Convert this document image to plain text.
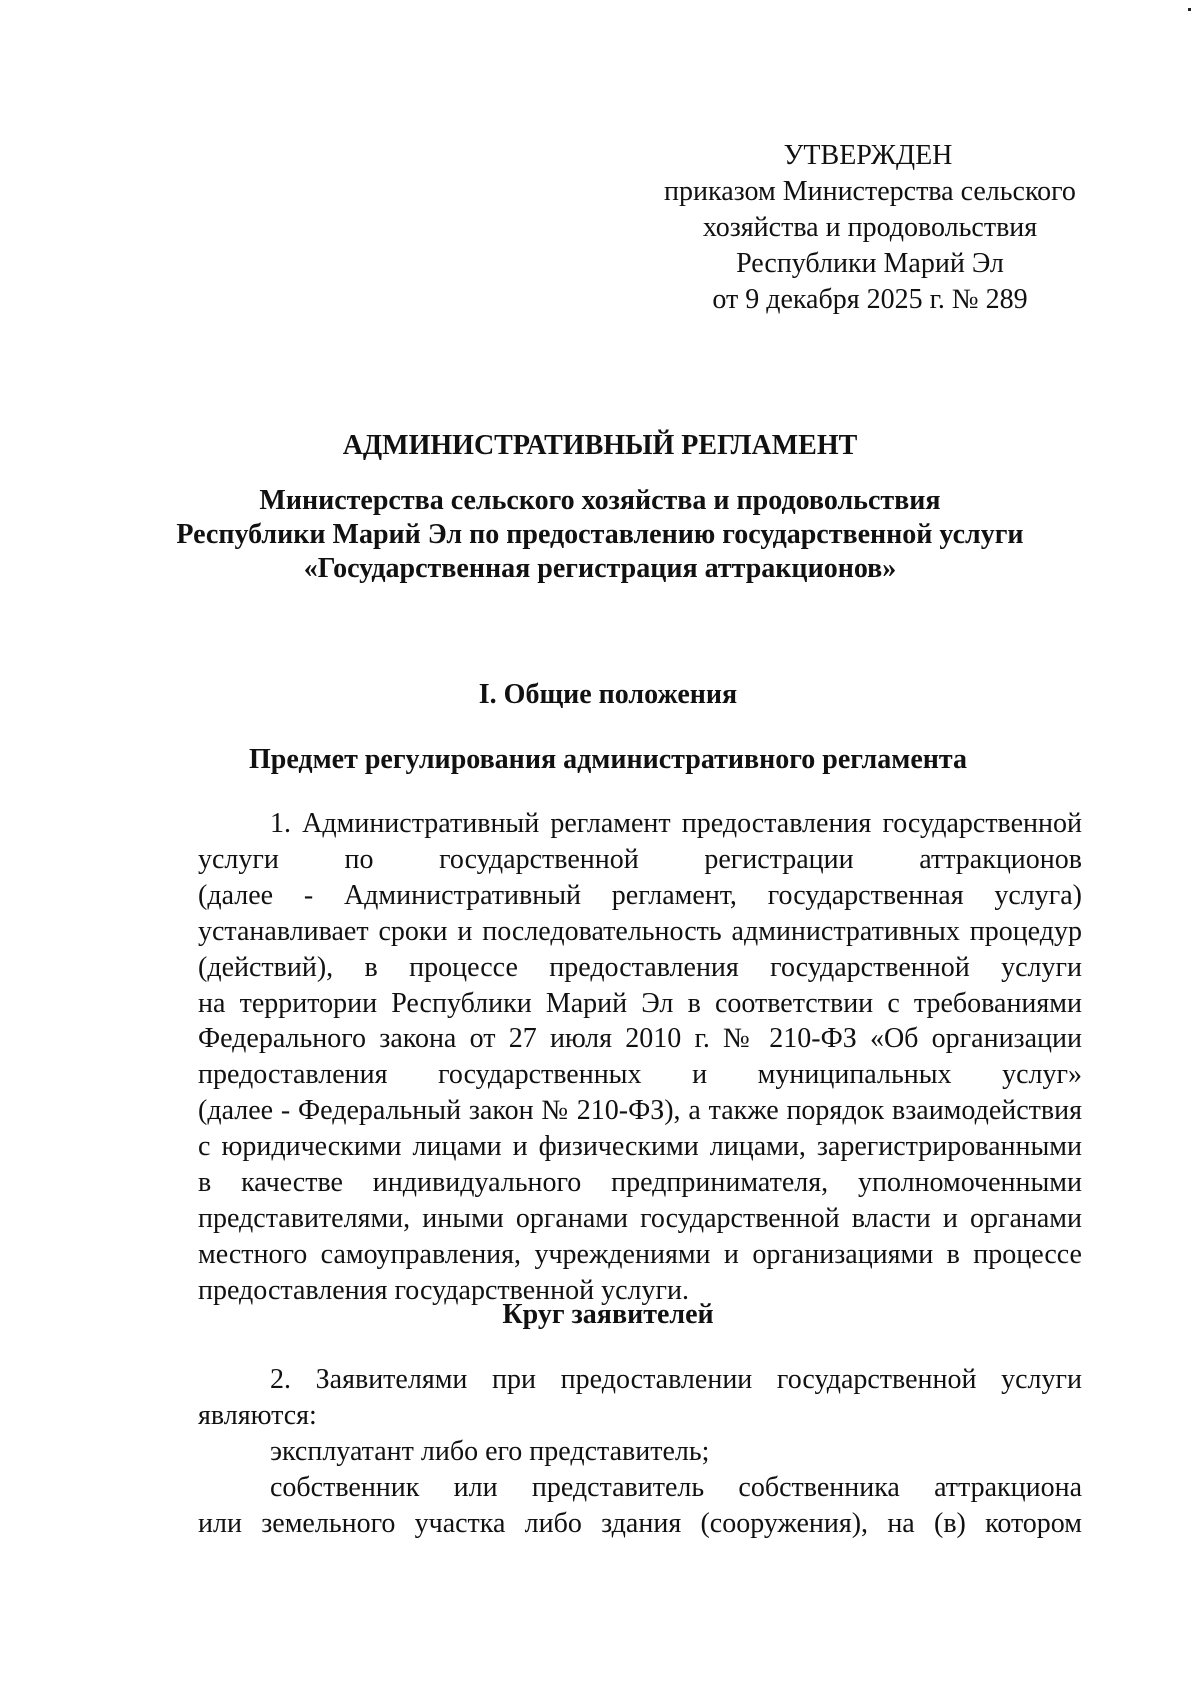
УТВЕРЖДЕН
приказом Министерства сельского
хозяйства и продовольствия
Республики Марий Эл
от 9 декабря 2025 г. № 289
АДМИНИСТРАТИВНЫЙ РЕГЛАМЕНТ
Министерства сельского хозяйства и продовольствия
Республики Марий Эл по предоставлению государственной услуги
«Государственная регистрация аттракционов»
I. Общие положения
Предмет регулирования административного регламента
1. Административный регламент предоставления государственной
услуги по государственной регистрации аттракционов
(далее - Административный регламент, государственная услуга)
устанавливает сроки и последовательность административных процедур
(действий), в процессе предоставления государственной услуги
на территории Республики Марий Эл в соответствии с требованиями
Федерального закона от 27 июля 2010 г. № 210-ФЗ «Об организации
предоставления государственных и муниципальных услуг»
(далее - Федеральный закон № 210-ФЗ), а также порядок взаимодействия
с юридическими лицами и физическими лицами, зарегистрированными
в качестве индивидуального предпринимателя, уполномоченными
представителями, иными органами государственной власти и органами
местного самоуправления, учреждениями и организациями в процессе
предоставления государственной услуги.
Круг заявителей
2. Заявителями при предоставлении государственной услуги
являются:
эксплуатант либо его представитель;
собственник или представитель собственника аттракциона
или земельного участка либо здания (сооружения), на (в) котором
